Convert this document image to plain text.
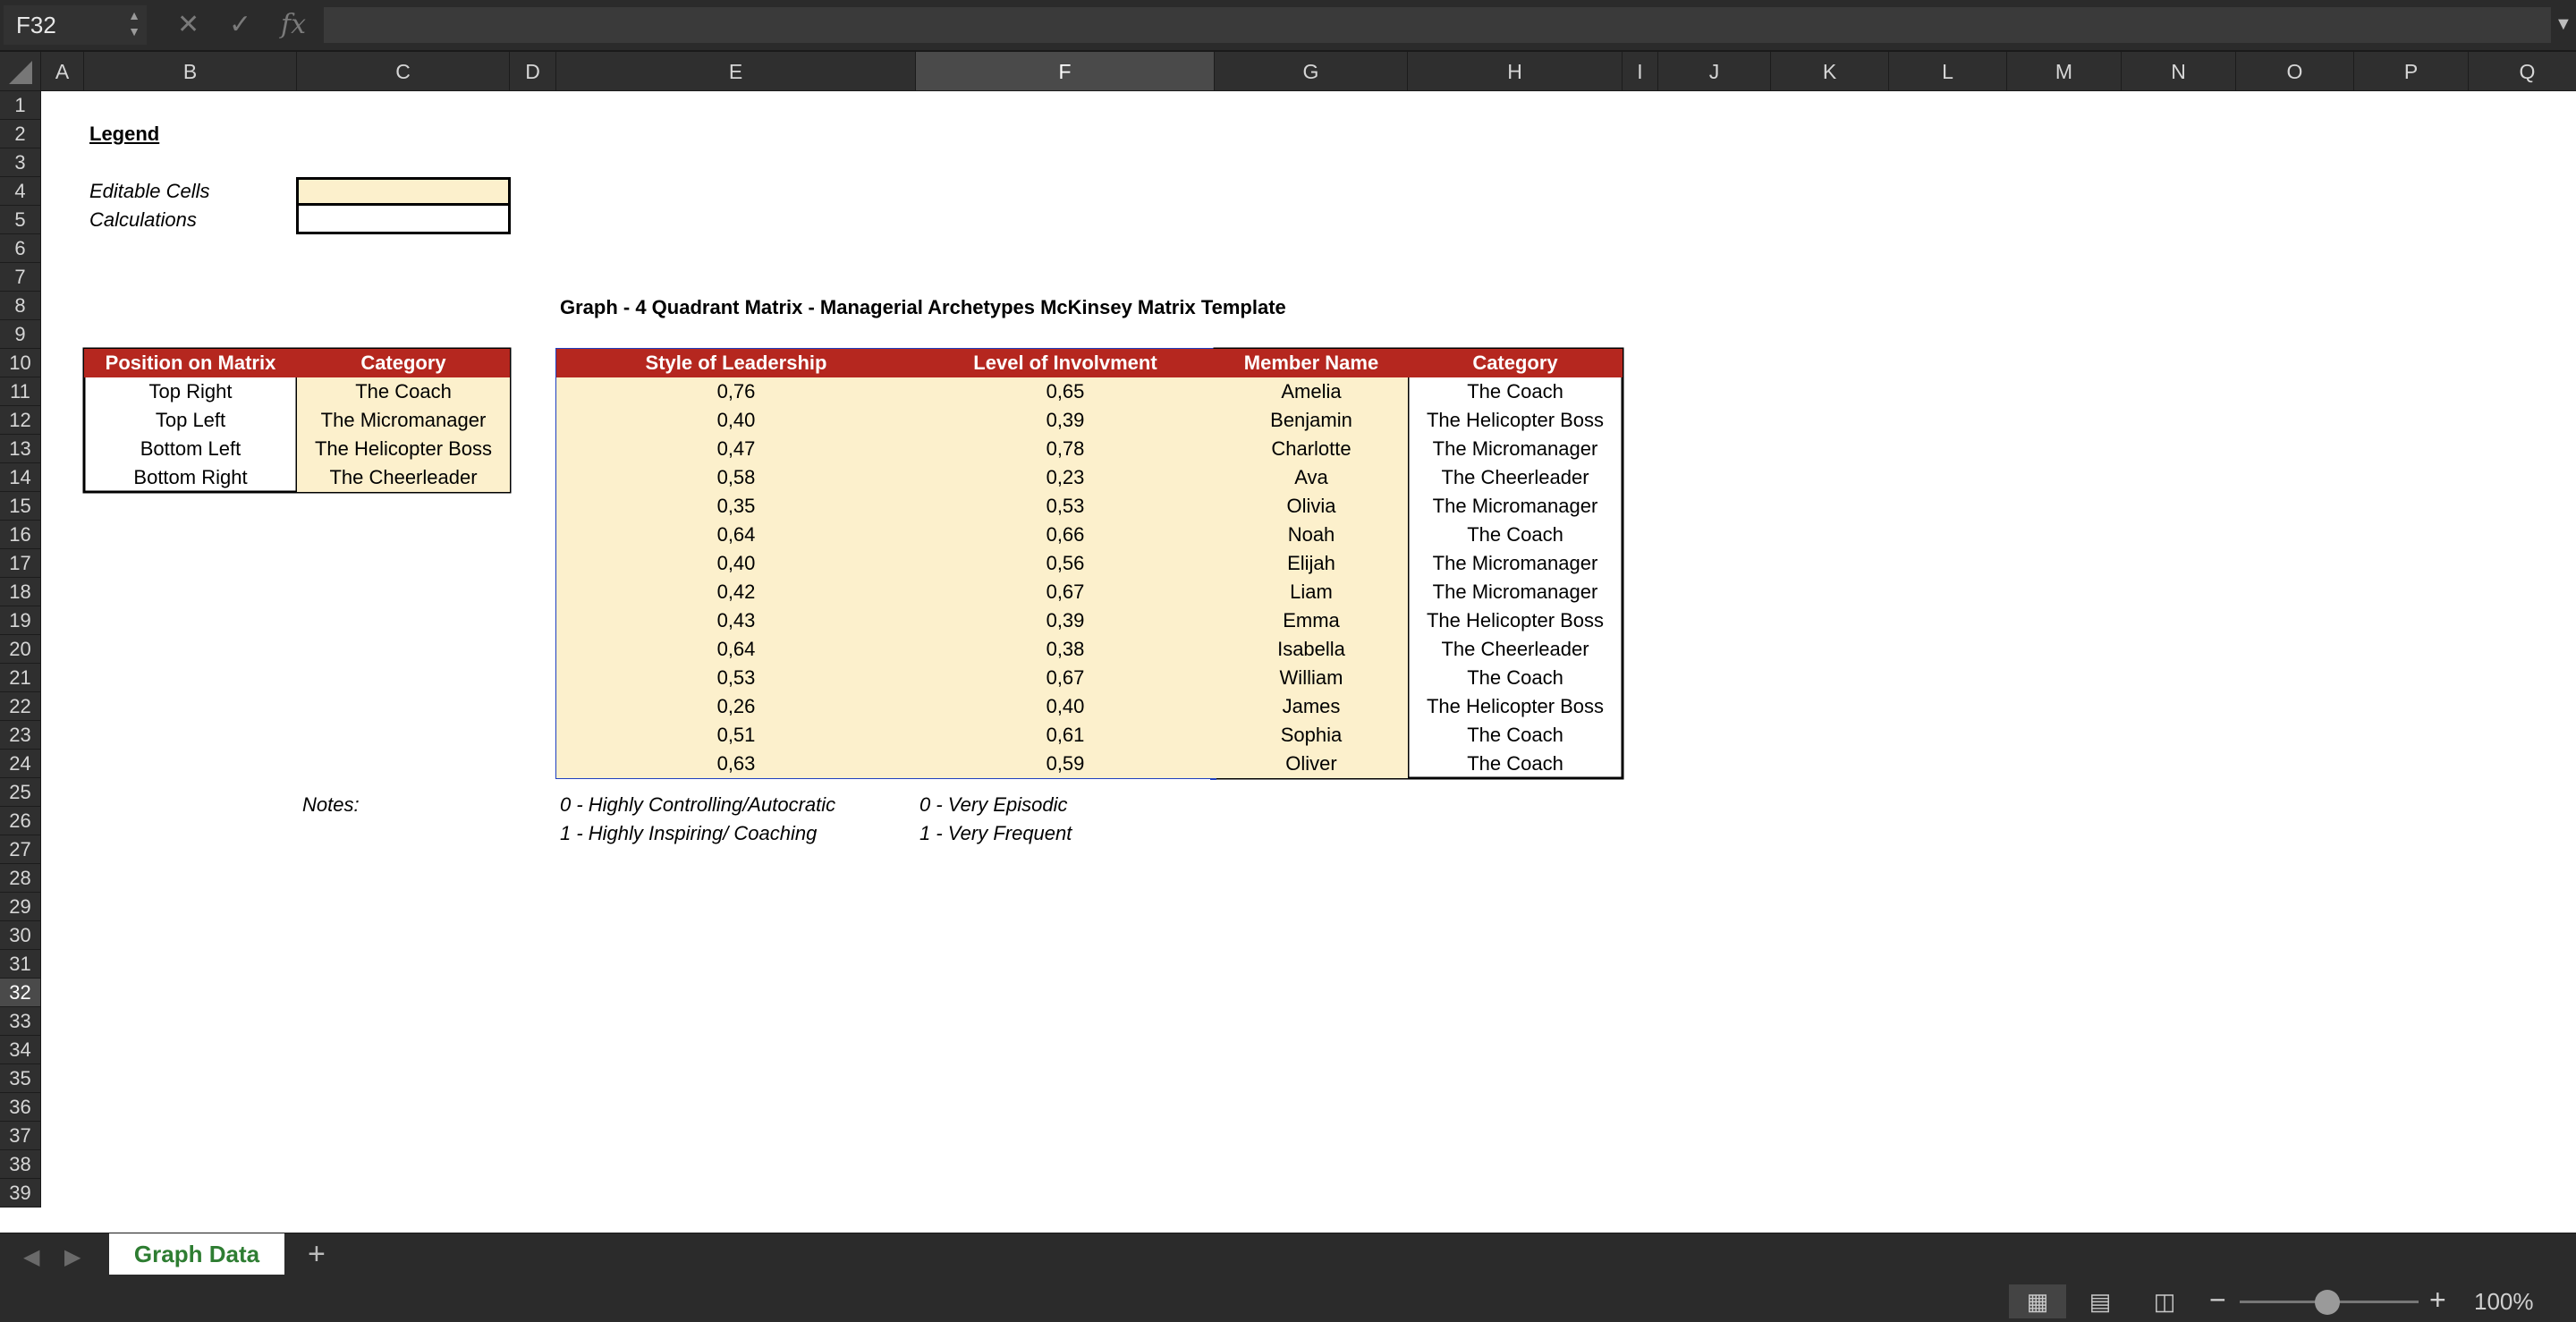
F32	▲
▼ ✕ ✓ fx	▼
A	B	C	D	E	F	G	H	I	J	K	L	M	N	O	P	Q
1
2
3
4
5
6
7
8
9
10
11
12
13
14
15
16
17
18
19
20
21
22
23
24
25
26
27
28
29
30
31
32
33
34
35
36
37
38
39
Legend
Editable Cells
Calculations
Graph - 4 Quadrant Matrix - Managerial Archetypes McKinsey Matrix Template
Position on Matrix	Category
Top Right	The Coach
Top Left	The Micromanager
Bottom Left	The Helicopter Boss
Bottom Right	The Cheerleader
Style of Leadership	Level of Involvment	Member Name	Category
0,76	0,65	Amelia	The Coach
0,40	0,39	Benjamin	The Helicopter Boss
0,47	0,78	Charlotte	The Micromanager
0,58	0,23	Ava	The Cheerleader
0,35	0,53	Olivia	The Micromanager
0,64	0,66	Noah	The Coach
0,40	0,56	Elijah	The Micromanager
0,42	0,67	Liam	The Micromanager
0,43	0,39	Emma	The Helicopter Boss
0,64	0,38	Isabella	The Cheerleader
0,53	0,67	William	The Coach
0,26	0,40	James	The Helicopter Boss
0,51	0,61	Sophia	The Coach
0,63	0,59	Oliver	The Coach
Notes:	0 - Highly Controlling/Autocratic
1 - Highly Inspiring/ Coaching
0 - Very Episodic
1 - Very Frequent
◀ ▶	Graph Data	+
▦	▤	◫	−	+ 100%
